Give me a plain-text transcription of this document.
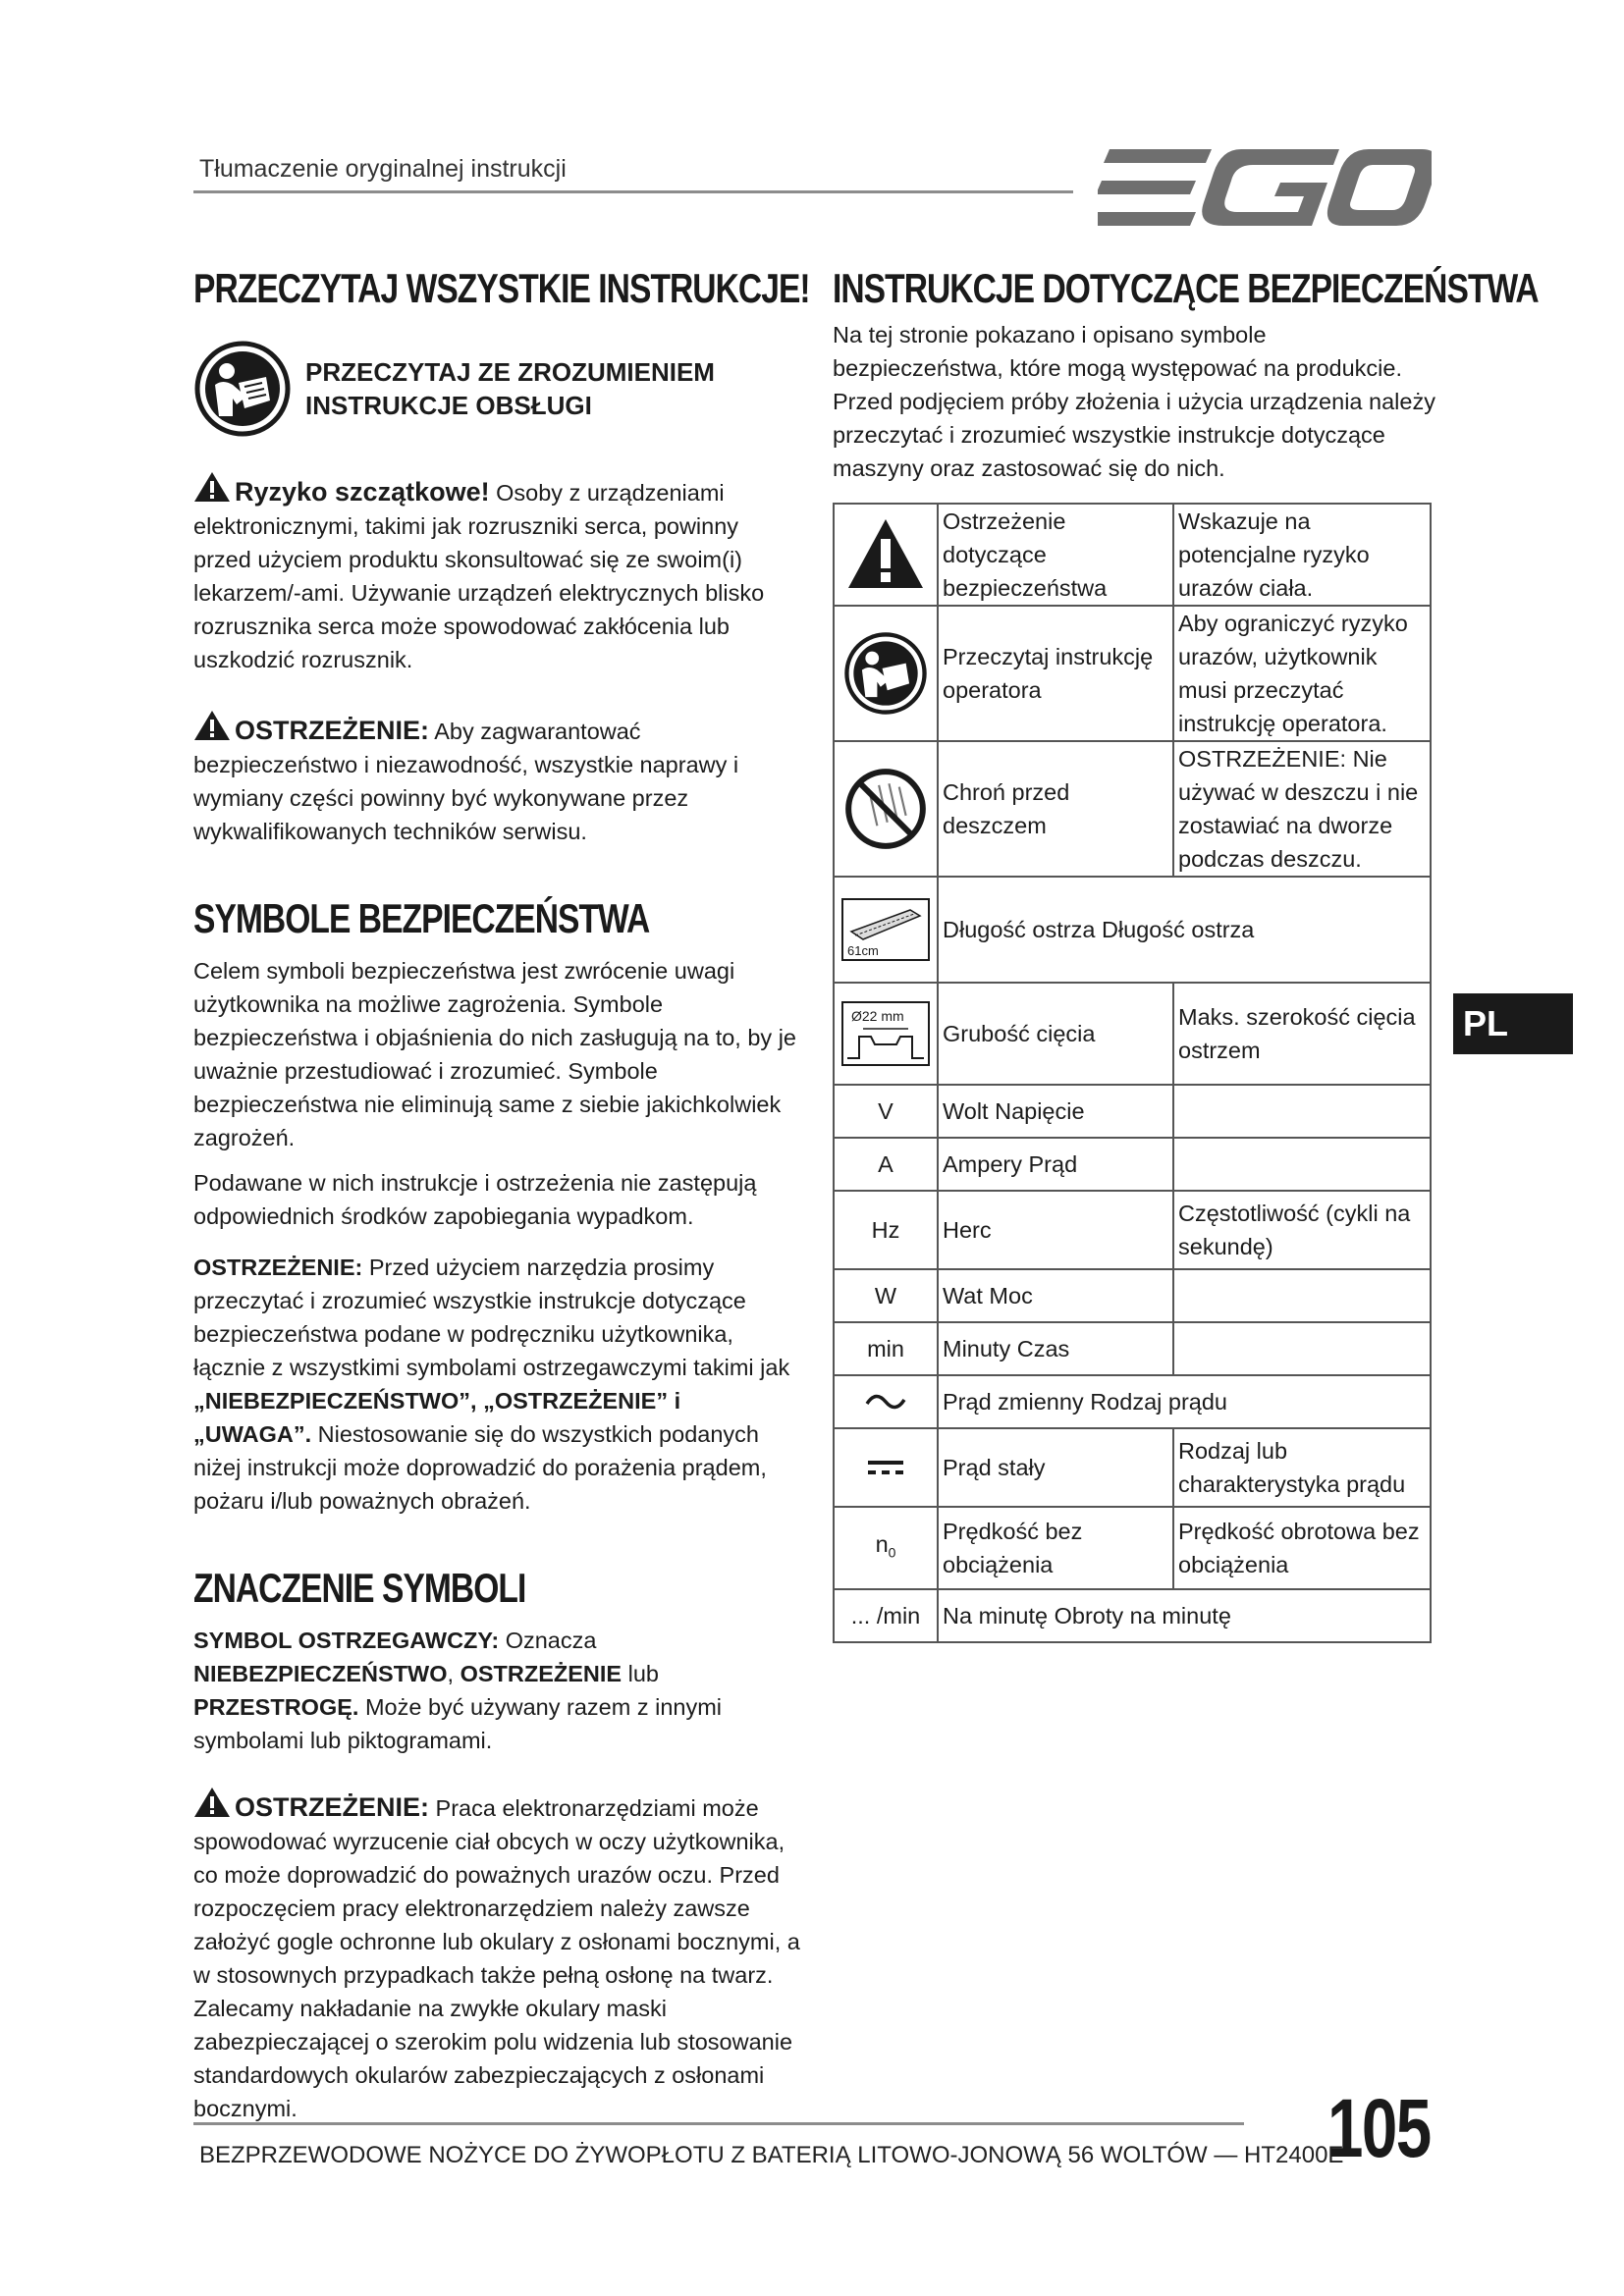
Tłumaczenie oryginalnej instrukcji
PRZECZYTAJ WSZYSTKIE INSTRUKCJE!
PRZECZYTAJ ZE ZROZUMIENIEM
INSTRUKCJE OBSŁUGI

Ryzyko szczątkowe! Osoby z urządzeniami elektronicznymi, takimi jak rozruszniki serca, powinny przed użyciem produktu skonsultować się ze swoim(i) lekarzem/-ami. Używanie urządzeń elektrycznych blisko rozrusznika serca może spowodować zakłócenia lub uszkodzić rozrusznik.

OSTRZEŻENIE: Aby zagwarantować bezpieczeństwo i niezawodność, wszystkie naprawy i wymiany części powinny być wykonywane przez wykwalifikowanych techników serwisu.

SYMBOLE BEZPIECZEŃSTWA

Celem symboli bezpieczeństwa jest zwrócenie uwagi użytkownika na możliwe zagrożenia. Symbole bezpieczeństwa i objaśnienia do nich zasługują na to, by je uważnie przestudiować i zrozumieć. Symbole bezpieczeństwa nie eliminują same z siebie jakichkolwiek zagrożeń.

Podawane w nich instrukcje i ostrzeżenia nie zastępują odpowiednich środków zapobiegania wypadkom.

OSTRZEŻENIE: Przed użyciem narzędzia prosimy przeczytać i zrozumieć wszystkie instrukcje dotyczące bezpieczeństwa podane w podręczniku użytkownika, łącznie z wszystkimi symbolami ostrzegawczymi takimi jak „NIEBEZPIECZEŃSTWO”, „OSTRZEŻENIE” i „UWAGA”. Niestosowanie się do wszystkich podanych niżej instrukcji może doprowadzić do porażenia prądem, pożaru i/lub poważnych obrażeń.

ZNACZENIE SYMBOLI

SYMBOL OSTRZEGAWCZY: Oznacza NIEBEZPIECZEŃSTWO, OSTRZEŻENIE lub PRZESTROGĘ. Może być używany razem z innymi symbolami lub piktogramami.

OSTRZEŻENIE: Praca elektronarzędziami może spowodować wyrzucenie ciał obcych w oczy użytkownika, co może doprowadzić do poważnych urazów oczu. Przed rozpoczęciem pracy elektronarzędziem należy zawsze założyć gogle ochronne lub okulary z osłonami bocznymi, a w stosownych przypadkach także pełną osłonę na twarz. Zalecamy nakładanie na zwykłe okulary maski zabezpieczającej o szerokim polu widzenia lub stosowanie standardowych okularów zabezpieczających z osłonami bocznymi.

INSTRUKCJE DOTYCZĄCE BEZPIECZEŃSTWA

Na tej stronie pokazano i opisano symbole bezpieczeństwa, które mogą występować na produkcie. Przed podjęciem próby złożenia i użycia urządzenia należy przeczytać i zrozumieć wszystkie instrukcje dotyczące maszyny oraz zastosować się do nich.

	Ostrzeżenie dotyczące bezpieczeństwa	Wskazuje na potencjalne ryzyko urazów ciała.

	Przeczytaj instrukcję operatora	Aby ograniczyć ryzyko urazów, użytkownik musi przeczytać instrukcję operatora.

	Chroń przed deszczem	OSTRZEŻENIE: Nie używać w deszczu i nie zostawiać na dworze podczas deszczu.

61cm	Długość ostrza Długość ostrza	

Ø22 mm	Grubość cięcia	Maks. szerokość cięcia ostrzem
V	Wolt Napięcie	
A	Ampery Prąd	
Hz	Herc	Częstotliwość (cykli na sekundę)
W	Wat Moc	
min	Minuty Czas	

	Prąd zmienny Rodzaj prądu	

	Prąd stały	Rodzaj lub charakterystyka prądu
$n_0$	Prędkość bez obciążenia	Prędkość obrotowa bez obciążenia
... /min	Na minutę Obroty na minutę	
PL
BEZPRZEWODOWE NOŻYCE DO ŻYWOPŁOTU Z BATERIĄ LITOWO-JONOWĄ 56 WOLTÓW — HT2400E
105
